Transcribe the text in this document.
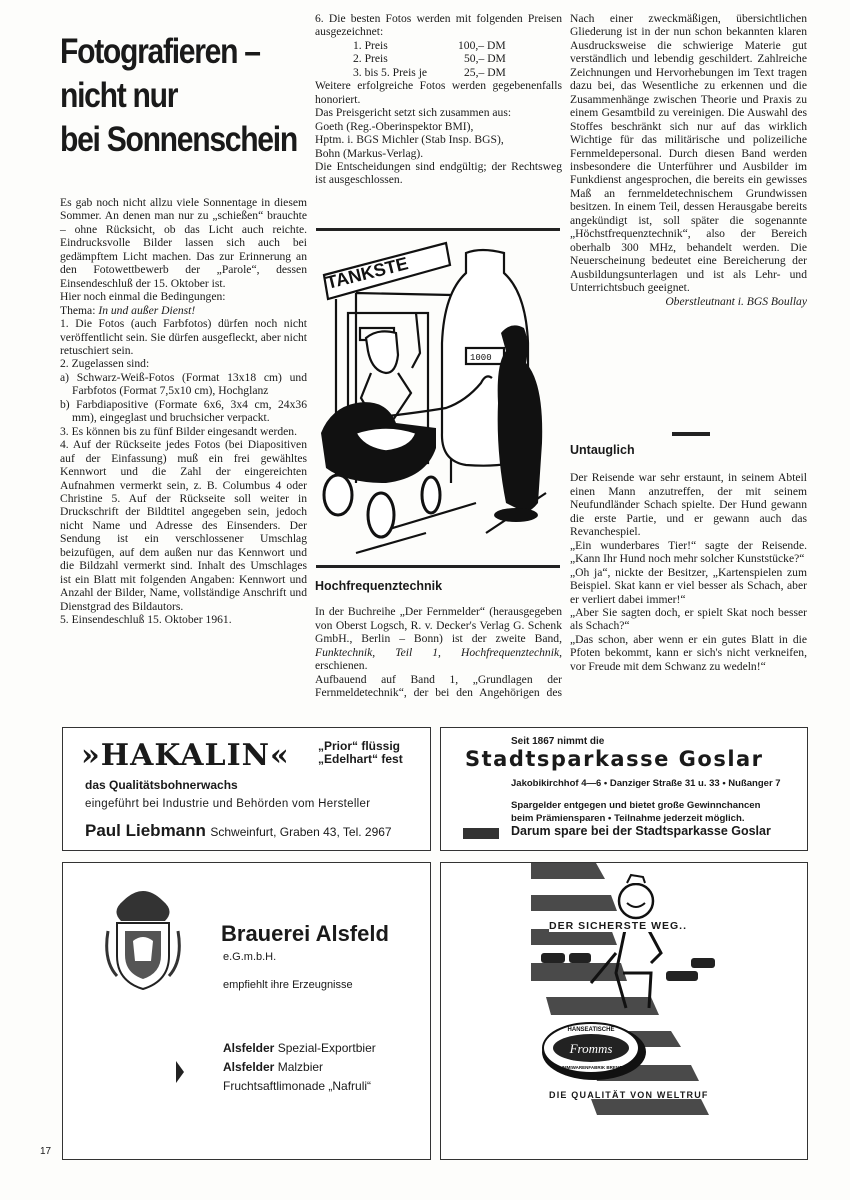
Fotografieren –
nicht nur
bei Sonnenschein

Es gab noch nicht allzu viele Sonnentage in diesem Sommer. An denen man nur zu „schießen“ brauchte – ohne Rücksicht, ob das Licht auch reichte. Eindrucksvolle Bilder lassen sich auch bei gedämpftem Licht machen. Das zur Erinnerung an den Fotowettbewerb der „Parole“, dessen Einsendeschluß der 15. Oktober ist.

Hier noch einmal die Bedingungen:

Thema: In und außer Dienst!

1. Die Fotos (auch Farbfotos) dürfen noch nicht veröffentlicht sein. Sie dürfen ausgefleckt, aber nicht retuschiert sein.

2. Zugelassen sind:

a) Schwarz-Weiß-Fotos (Format 13x18 cm) und Farbfotos (Format 7,5x10 cm), Hochglanz

b) Farbdiapositive (Formate 6x6, 3x4 cm, 24x36 mm), eingeglast und bruchsicher verpackt.

3. Es können bis zu fünf Bilder eingesandt werden.

4. Auf der Rückseite jedes Fotos (bei Diapositiven auf der Einfassung) muß ein frei gewähltes Kennwort und die Zahl der eingereichten Aufnahmen vermerkt sein, z. B. Columbus 4 oder Christine 5. Auf der Rückseite soll weiter in Druckschrift der Bildtitel angegeben sein, jedoch nicht Name und Adresse des Einsenders. Der Sendung ist ein verschlossener Umschlag beizufügen, auf dem außen nur das Kennwort und die Bildzahl vermerkt sind. Inhalt des Umschlages ist ein Blatt mit folgenden Angaben: Kennwort und Anzahl der Bilder, Name, vollständige Anschrift und Dienstgrad des Bildautors.

5. Einsendeschluß 15. Oktober 1961.

6. Die besten Fotos werden mit folgenden Preisen ausgezeichnet:

1. Preis	100,– DM
2. Preis	50,– DM
3. bis 5. Preis je	25,– DM

Weitere erfolgreiche Fotos werden gegebenenfalls honoriert.

Das Preisgericht setzt sich zusammen aus:

Goeth (Reg.-Oberinspektor BMI),

Hptm. i. BGS Michler (Stab Insp. BGS),

Bohn (Markus-Verlag).

Die Entscheidungen sind endgültig; der Rechtsweg ist ausgeschlossen.

TANKSTE
1000

Hochfrequenztechnik

In der Buchreihe „Der Fernmelder“ (herausgegeben von Oberst Logsch, R. v. Decker's Verlag G. Schenk GmbH., Berlin – Bonn) ist der zweite Band, Funktechnik, Teil 1, Hochfrequenztechnik, erschienen.

Aufbauend auf Band 1, „Grundlagen der Fernmeldetechnik“, der bei den Angehörigen des

Nach einer zweckmäßigen, übersichtlichen Gliederung ist in der nun schon bekannten klaren Ausdrucksweise die schwierige Materie gut verständlich und lebendig geschildert. Zahlreiche Zeichnungen und Hervorhebungen im Text tragen dazu bei, das Wesentliche zu erkennen und die Zusammenhänge zwischen Theorie und Praxis zu einem Gesamtbild zu vereinigen. Die Auswahl des Stoffes beschränkt sich nur auf das wirklich Wichtige für das militärische und polizeiliche Fernmeldepersonal. Durch diesen Band werden insbesondere die Unterführer und Ausbilder im Funkdienst angesprochen, die bereits ein gewisses Maß an fernmeldetechnischem Grundwissen besitzen. In einem Teil, dessen Herausgabe bereits angekündigt ist, soll später die sogenannte „Höchstfrequenztechnik“, also der Bereich oberhalb 300 MHz, behandelt werden. Die Neuerscheinung bedeutet eine Bereicherung der Ausbildungsunterlagen und ist als Lehr- und Unterrichtsbuch geeignet.

Oberstleutnant i. BGS Boullay

Untauglich

Der Reisende war sehr erstaunt, in seinem Abteil einen Mann anzutreffen, der mit seinem Neufundländer Schach spielte. Der Hund gewann die erste Partie, und er gewann auch das Revanchespiel.

„Ein wunderbares Tier!“ sagte der Reisende. „Kann Ihr Hund noch mehr solcher Kunststücke?“

„Oh ja“, nickte der Besitzer, „Kartenspielen zum Beispiel. Skat kann er viel besser als Schach, aber er verliert dabei immer!“

„Aber Sie sagten doch, er spielt Skat noch besser als Schach?“

„Das schon, aber wenn er ein gutes Blatt in die Pfoten bekommt, kann er sich's nicht verkneifen, vor Freude mit dem Schwanz zu wedeln!“

»HAKALIN« „Prior“ flüssig
„Edelhart“ fest
das Qualitätsbohnerwachs
eingeführt bei Industrie und Behörden vom Hersteller
Paul Liebmann Schweinfurt, Graben 43, Tel. 2967
Seit 1867 nimmt die
Stadtsparkasse Goslar
Jakobikirchhof 4—6 • Danziger Straße 31 u. 33 • Nußanger 7
Spargelder entgegen und bietet große Gewinnchancen
beim Prämiensparen • Teilnahme jederzeit möglich.
Darum spare bei der Stadtsparkasse Goslar
Brauerei Alsfeld
e.G.m.b.H.
empfiehlt ihre Erzeugnisse
Alsfelder Spezial-Exportbier
Alsfelder Malzbier
Fruchtsaftlimonade „Nafruli“
DER SICHERSTE WEG..
HANSEATISCHE
Fromms
GUMMIWARENFABRIK BREMEN
DIE QUALITÄT VON WELTRUF
17
